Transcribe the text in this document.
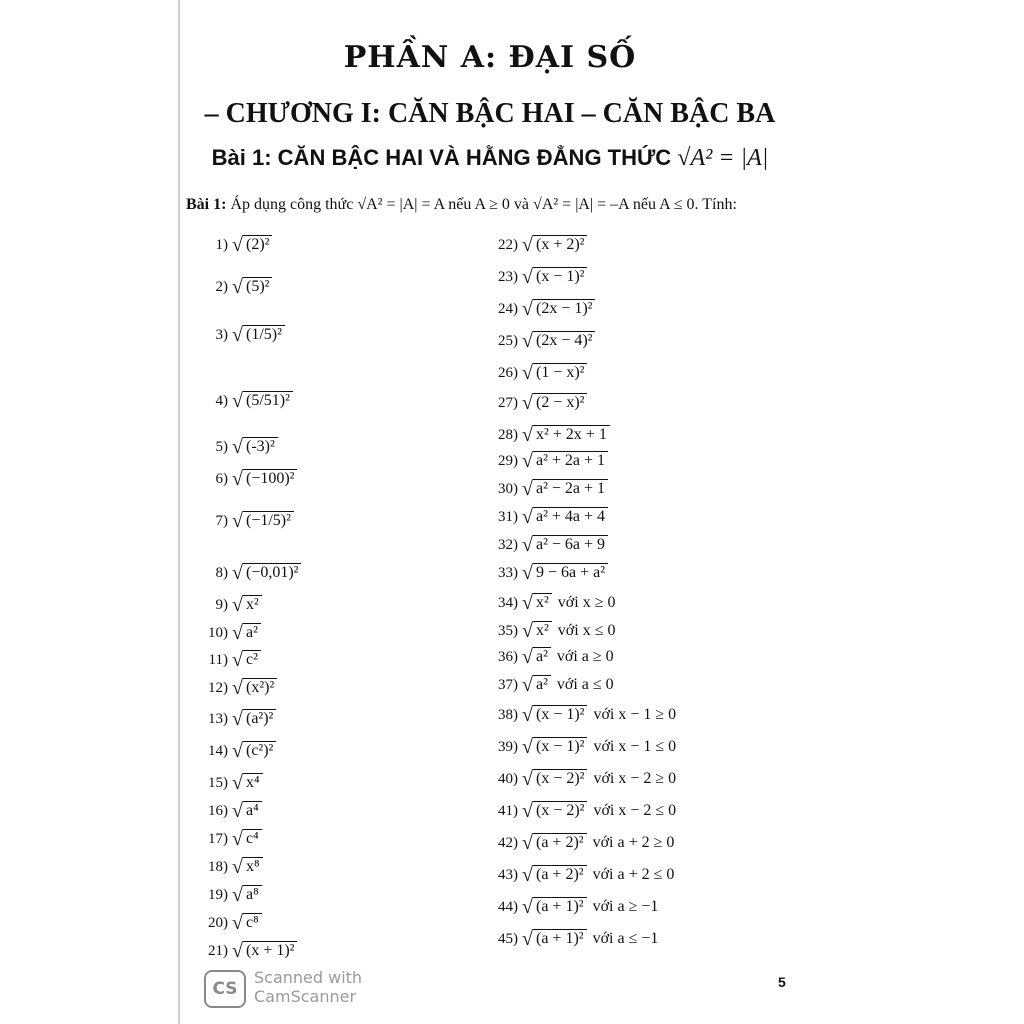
PHẦN A: ĐẠI SỐ
– CHƯƠNG I: CĂN BẬC HAI – CĂN BẬC BA
Bài 1: CĂN BẬC HAI VÀ HẰNG ĐẲNG THỨC √A² = |A|
Bài 1: Áp dụng công thức √A² = |A| = A nếu A ≥ 0 và √A² = |A| = –A nếu A ≤ 0. Tính:
1) √ (2)²
2) √ (5)²
3) √ (1/5)²
4) √ (5/51)²
5) √ (-3)²
6) √ (−100)²
7) √ (−1/5)²
8) √ (−0,01)²
9) √ x²
10) √ a²
11) √ c²
12) √ (x²)²
13) √ (a²)²
14) √ (c²)²
15) √ x⁴
16) √ a⁴
17) √ c⁴
18) √ x⁸
19) √ a⁸
20) √ c⁸
21) √ (x + 1)²
22) √ (x + 2)²
23) √ (x − 1)²
24) √ (2x − 1)²
25) √ (2x − 4)²
26) √ (1 − x)²
27) √ (2 − x)²
28) √ x² + 2x + 1
29) √ a² + 2a + 1
30) √ a² − 2a + 1
31) √ a² + 4a + 4
32) √ a² − 6a + 9
33) √ 9 − 6a + a²
34) √ x² với x ≥ 0
35) √ x² với x ≤ 0
36) √ a² với a ≥ 0
37) √ a² với a ≤ 0
38) √ (x − 1)² với x − 1 ≥ 0
39) √ (x − 1)² với x − 1 ≤ 0
40) √ (x − 2)² với x − 2 ≥ 0
41) √ (x − 2)² với x − 2 ≤ 0
42) √ (a + 2)² với a + 2 ≥ 0
43) √ (a + 2)² với a + 2 ≤ 0
44) √ (a + 1)² với a ≥ −1
45) √ (a + 1)² với a ≤ −1
CS
Scanned with
CamScanner
5
